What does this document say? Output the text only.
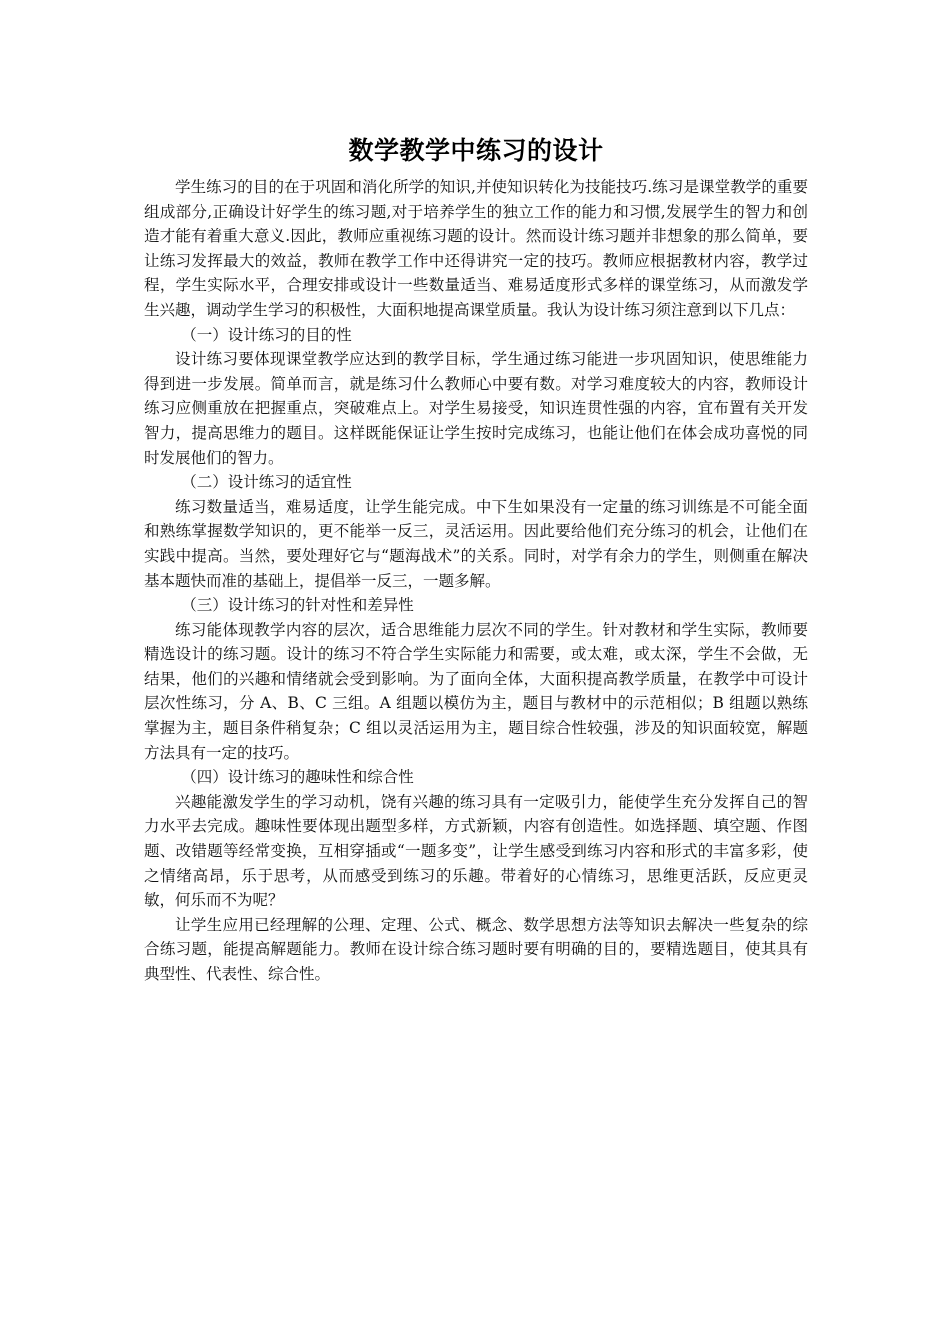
数学教学中练习的设计

学生练习的目的在于巩固和消化所学的知识,并使知识转化为技能技巧.练习是课堂教学的重要组成部分,正确设计好学生的练习题,对于培养学生的独立工作的能力和习惯,发展学生的智力和创造才能有着重大意义.因此，教师应重视练习题的设计。然而设计练习题并非想象的那么简单，要让练习发挥最大的效益，教师在教学工作中还得讲究一定的技巧。教师应根据教材内容，教学过程，学生实际水平，合理安排或设计一些数量适当、难易适度形式多样的课堂练习，从而激发学生兴趣，调动学生学习的积极性，大面积地提高课堂质量。我认为设计练习须注意到以下几点：

（一）设计练习的目的性

设计练习要体现课堂教学应达到的教学目标，学生通过练习能进一步巩固知识，使思维能力得到进一步发展。简单而言，就是练习什么教师心中要有数。对学习难度较大的内容，教师设计练习应侧重放在把握重点，突破难点上。对学生易接受，知识连贯性强的内容，宜布置有关开发智力，提高思维力的题目。这样既能保证让学生按时完成练习，也能让他们在体会成功喜悦的同时发展他们的智力。

（二）设计练习的适宜性

练习数量适当，难易适度，让学生能完成。中下生如果没有一定量的练习训练是不可能全面和熟练掌握数学知识的，更不能举一反三，灵活运用。因此要给他们充分练习的机会，让他们在实践中提高。当然，要处理好它与“题海战术”的关系。同时，对学有余力的学生，则侧重在解决基本题快而准的基础上，提倡举一反三，一题多解。

（三）设计练习的针对性和差异性

练习能体现教学内容的层次，适合思维能力层次不同的学生。针对教材和学生实际，教师要精选设计的练习题。设计的练习不符合学生实际能力和需要，或太难，或太深，学生不会做，无结果，他们的兴趣和情绪就会受到影响。为了面向全体，大面积提高教学质量，在教学中可设计层次性练习，分 A、B、C 三组。A 组题以模仿为主，题目与教材中的示范相似；B 组题以熟练掌握为主，题目条件稍复杂；C 组以灵活运用为主，题目综合性较强，涉及的知识面较宽，解题方法具有一定的技巧。

（四）设计练习的趣味性和综合性

兴趣能激发学生的学习动机，饶有兴趣的练习具有一定吸引力，能使学生充分发挥自己的智力水平去完成。趣味性要体现出题型多样，方式新颖，内容有创造性。如选择题、填空题、作图题、改错题等经常变换，互相穿插或“一题多变”，让学生感受到练习内容和形式的丰富多彩，使之情绪高昂，乐于思考，从而感受到练习的乐趣。带着好的心情练习，思维更活跃，反应更灵敏，何乐而不为呢？

让学生应用已经理解的公理、定理、公式、概念、数学思想方法等知识去解决一些复杂的综合练习题，能提高解题能力。教师在设计综合练习题时要有明确的目的，要精选题目，使其具有典型性、代表性、综合性。
